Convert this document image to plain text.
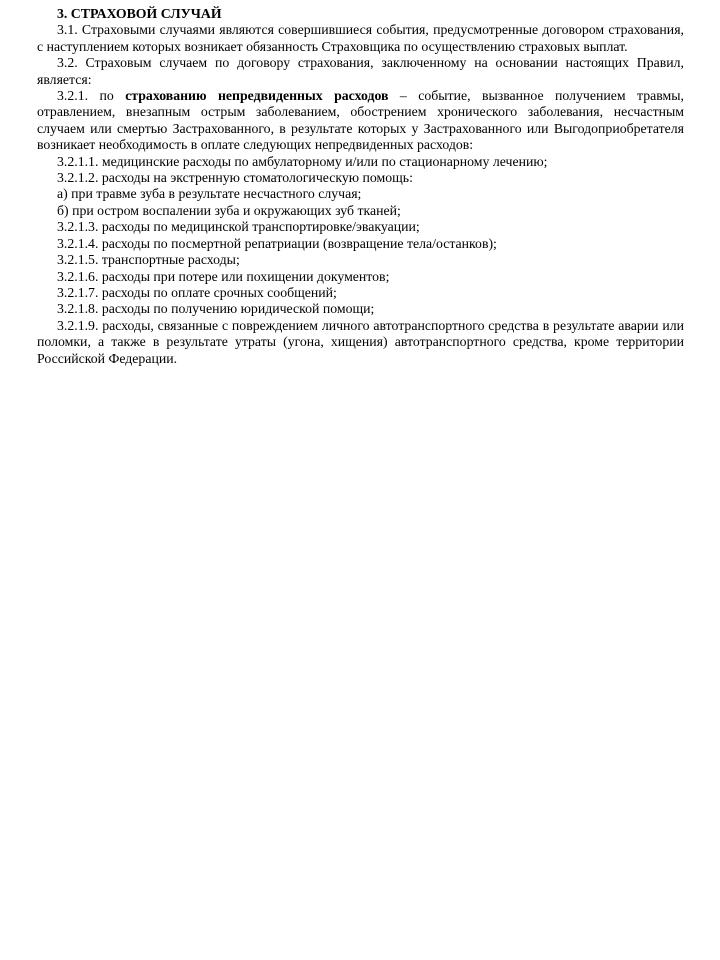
3. СТРАХОВОЙ СЛУЧАЙ

3.1. Страховыми случаями являются совершившиеся события, предусмотренные договором страхования, с наступлением которых возникает обязанность Страховщика по осуществлению страховых выплат.

3.2. Страховым случаем по договору страхования, заключенному на основании настоящих Правил, является:

3.2.1. по страхованию непредвиденных расходов – событие, вызванное получением травмы, отравлением, внезапным острым заболеванием, обострением хронического заболевания, несчастным случаем или смертью Застрахованного, в результате которых у Застрахованного или Выгодоприобретателя возникает необходимость в оплате следующих непредвиденных расходов:

3.2.1.1. медицинские расходы по амбулаторному и/или по стационарному лечению;

3.2.1.2. расходы на экстренную стоматологическую помощь:

а) при травме зуба в результате несчастного случая;

б) при остром воспалении зуба и окружающих зуб тканей;

3.2.1.3. расходы по медицинской транспортировке/эвакуации;

3.2.1.4. расходы по посмертной репатриации (возвращение тела/останков);

3.2.1.5. транспортные расходы;

3.2.1.6. расходы при потере или похищении документов;

3.2.1.7. расходы по оплате срочных сообщений;

3.2.1.8. расходы по получению юридической помощи;

3.2.1.9. расходы, связанные с повреждением личного автотранспортного средства в результате аварии или поломки, а также в результате утраты (угона, хищения) автотранспортного средства, кроме территории Российской Федерации.
